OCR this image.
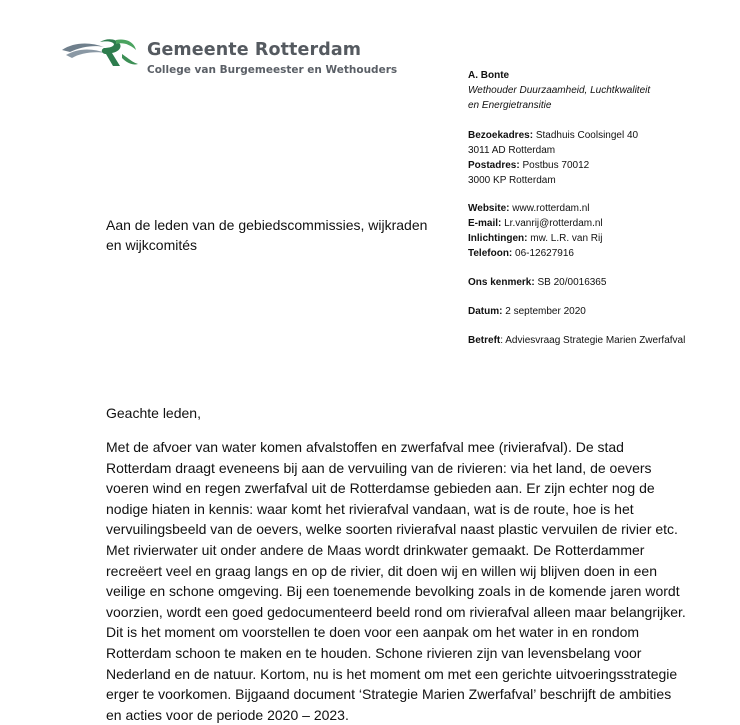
Gemeente Rotterdam
College van Burgemeester en Wethouders	A. Bonte
Wethouder Duurzaamheid, Luchtkwaliteit
en Energietransitie
Bezoekadres: Stadhuis Coolsingel 40
3011 AD Rotterdam
Postadres: Postbus 70012
3000 KP Rotterdam
Website: www.rotterdam.nl
E-mail: Lr.vanrij@rotterdam.nl
Inlichtingen: mw. L.R. van Rij
Telefoon: 06-12627916
Ons kenmerk: SB 20/0016365
Datum: 2 september 2020
Betreft: Adviesvraag Strategie Marien Zwerfafval
Aan de leden van de gebiedscommissies, wijkraden en wijkcomités
Geachte leden,
Met de afvoer van water komen afvalstoffen en zwerfafval mee (rivierafval). De stad Rotterdam draagt eveneens bij aan de vervuiling van de rivieren: via het land, de oevers voeren wind en regen zwerfafval uit de Rotterdamse gebieden aan. Er zijn echter nog de nodige hiaten in kennis: waar komt het rivierafval vandaan, wat is de route, hoe is het vervuilingsbeeld van de oevers, welke soorten rivierafval naast plastic vervuilen de rivier etc. Met rivierwater uit onder andere de Maas wordt drinkwater gemaakt. De Rotterdammer recreëert veel en graag langs en op de rivier, dit doen wij en willen wij blijven doen in een veilige en schone omgeving. Bij een toenemende bevolking zoals in de komende jaren wordt voorzien, wordt een goed gedocumenteerd beeld rond om rivierafval alleen maar belangrijker. Dit is het moment om voorstellen te doen voor een aanpak om het water in en rondom Rotterdam schoon te maken en te houden. Schone rivieren zijn van levensbelang voor Nederland en de natuur. Kortom, nu is het moment om met een gerichte uitvoeringsstrategie erger te voorkomen. Bijgaand document ‘Strategie Marien Zwerfafval’ beschrijft de ambities en acties voor de periode 2020 – 2023.
